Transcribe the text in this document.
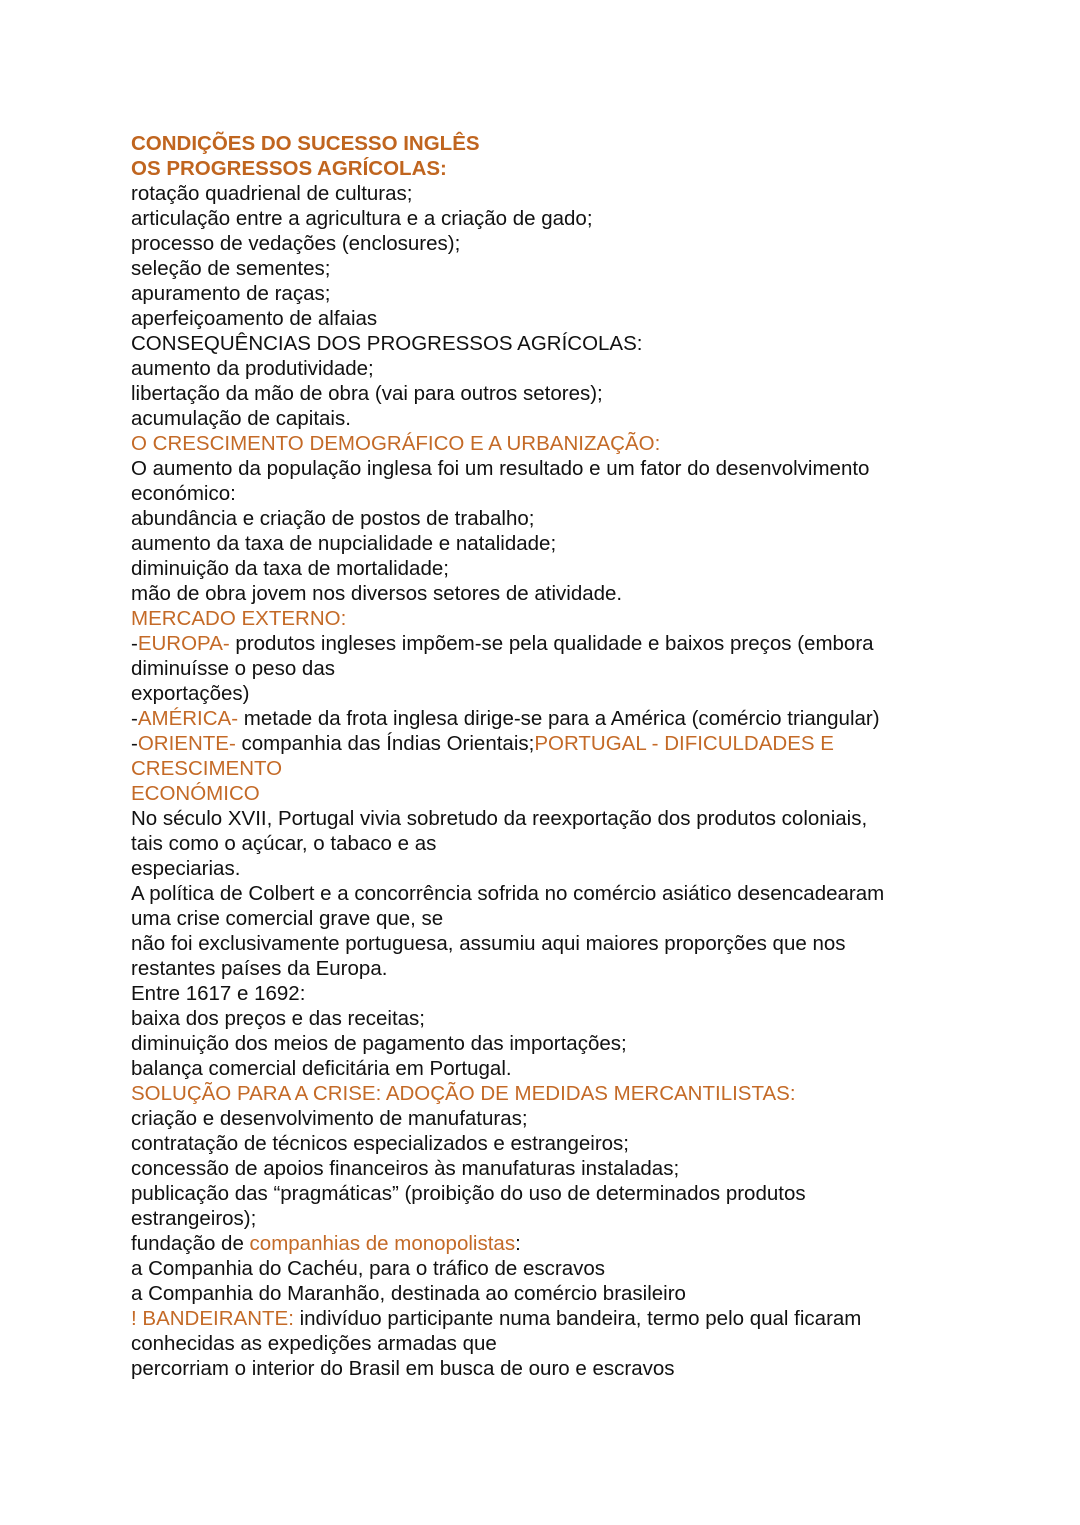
CONDIÇÕES DO SUCESSO INGLÊS

OS PROGRESSOS AGRÍCOLAS:

rotação quadrienal de culturas;

articulação entre a agricultura e a criação de gado;

processo de vedações (enclosures);

seleção de sementes;

apuramento de raças;

aperfeiçoamento de alfaias

CONSEQUÊNCIAS DOS PROGRESSOS AGRÍCOLAS:

aumento da produtividade;

libertação da mão de obra (vai para outros setores);

acumulação de capitais.

O CRESCIMENTO DEMOGRÁFICO E A URBANIZAÇÃO:

O aumento da população inglesa foi um resultado e um fator do desenvolvimento

económico:

abundância e criação de postos de trabalho;

aumento da taxa de nupcialidade e natalidade;

diminuição da taxa de mortalidade;

mão de obra jovem nos diversos setores de atividade.

MERCADO EXTERNO:

-EUROPA- produtos ingleses impõem-se pela qualidade e baixos preços (embora

diminuísse o peso das

exportações)

-AMÉRICA- metade da frota inglesa dirige-se para a América (comércio triangular)

-ORIENTE- companhia das Índias Orientais;PORTUGAL - DIFICULDADES E

CRESCIMENTO

ECONÓMICO

No século XVII, Portugal vivia sobretudo da reexportação dos produtos coloniais,

tais como o açúcar, o tabaco e as

especiarias.

A política de Colbert e a concorrência sofrida no comércio asiático desencadearam

uma crise comercial grave que, se

não foi exclusivamente portuguesa, assumiu aqui maiores proporções que nos

restantes países da Europa.

Entre 1617 e 1692:

baixa dos preços e das receitas;

diminuição dos meios de pagamento das importações;

balança comercial deficitária em Portugal.

SOLUÇÃO PARA A CRISE: ADOÇÃO DE MEDIDAS MERCANTILISTAS:

criação e desenvolvimento de manufaturas;

contratação de técnicos especializados e estrangeiros;

concessão de apoios financeiros às manufaturas instaladas;

publicação das “pragmáticas” (proibição do uso de determinados produtos

estrangeiros);

fundação de companhias de monopolistas:

a Companhia do Cachéu, para o tráfico de escravos

a Companhia do Maranhão, destinada ao comércio brasileiro

! BANDEIRANTE: indivíduo participante numa bandeira, termo pelo qual ficaram

conhecidas as expedições armadas que

percorriam o interior do Brasil em busca de ouro e escravos
